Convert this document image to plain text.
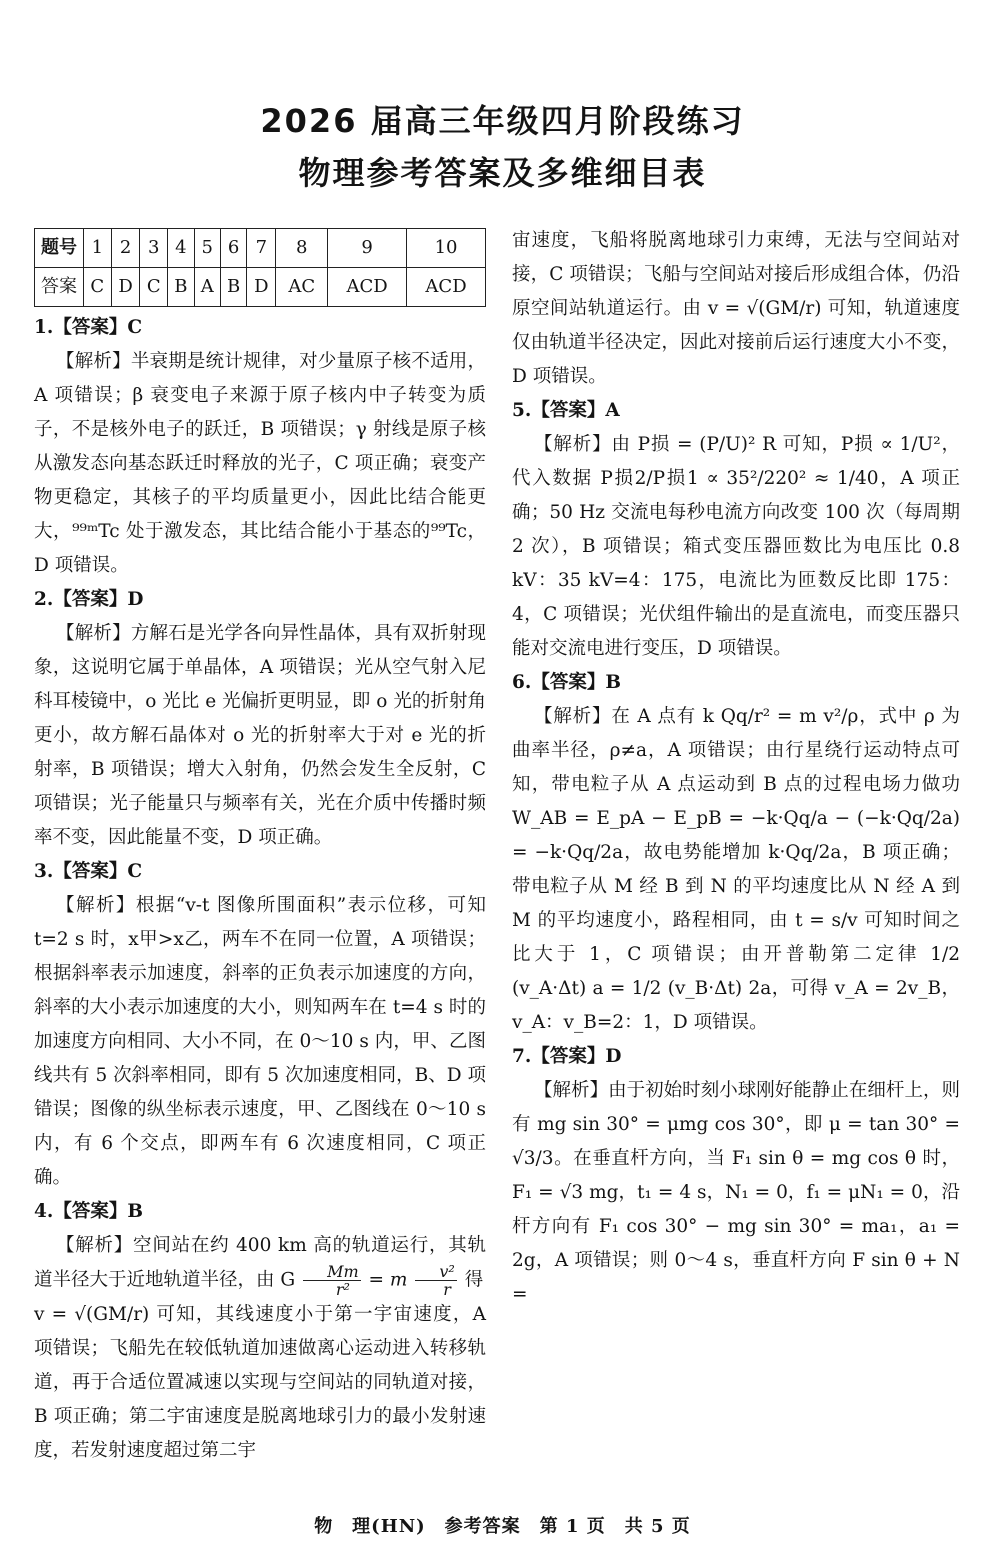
2026 届高三年级四月阶段练习
物理参考答案及多维细目表
题号	1	2	3	4	5	6	7	8	9	10
答案	C	D	C	B	A	B	D	AC	ACD	ACD
1.【答案】C

【解析】半衰期是统计规律，对少量原子核不适用，A 项错误；β 衰变电子来源于原子核内中子转变为质子，不是核外电子的跃迁，B 项错误；γ 射线是原子核从激发态向基态跃迁时释放的光子，C 项正确；衰变产物更稳定，其核子的平均质量更小，因此比结合能更大，⁹⁹ᵐTc 处于激发态，其比结合能小于基态的⁹⁹Tc，D 项错误。

2.【答案】D

【解析】方解石是光学各向异性晶体，具有双折射现象，这说明它属于单晶体，A 项错误；光从空气射入尼科耳棱镜中，o 光比 e 光偏折更明显，即 o 光的折射角更小，故方解石晶体对 o 光的折射率大于对 e 光的折射率，B 项错误；增大入射角，仍然会发生全反射，C 项错误；光子能量只与频率有关，光在介质中传播时频率不变，因此能量不变，D 项正确。

3.【答案】C

【解析】根据“v-t 图像所围面积”表示位移，可知 t=2 s 时，x甲>x乙，两车不在同一位置，A 项错误；根据斜率表示加速度，斜率的正负表示加速度的方向，斜率的大小表示加速度的大小，则知两车在 t=4 s 时的加速度方向相同、大小不同，在 0～10 s 内，甲、乙图线共有 5 次斜率相同，即有 5 次加速度相同，B、D 项错误；图像的纵坐标表示速度，甲、乙图线在 0～10 s 内，有 6 个交点，即两车有 6 次速度相同，C 项正确。

4.【答案】B

【解析】空间站在约 400 km 高的轨道运行，其轨道半径大于近地轨道半径，由 G $\frac{Mm}{\text{r²}} = m \frac{\text{v²}}{r}$ 得

v = √(GM/r) 可知，其线速度小于第一宇宙速度，A 项错误；飞船先在较低轨道加速做离心运动进入转移轨道，再于合适位置减速以实现与空间站的同轨道对接，B 项正确；第二宇宙速度是脱离地球引力的最小发射速度，若发射速度超过第二宇

宙速度，飞船将脱离地球引力束缚，无法与空间站对接，C 项错误；飞船与空间站对接后形成组合体，仍沿原空间站轨道运行。由 v = √(GM/r) 可知，轨道速度仅由轨道半径决定，因此对接前后运行速度大小不变，D 项错误。

5.【答案】A

【解析】由 P损 = (P/U)² R 可知，P损 ∝ 1/U²，代入数据 P损2/P损1 ∝ 35²/220² ≈ 1/40，A 项正确；50 Hz 交流电每秒电流方向改变 100 次（每周期 2 次），B 项错误；箱式变压器匝数比为电压比 0.8 kV：35 kV=4：175，电流比为匝数反比即 175：4，C 项错误；光伏组件输出的是直流电，而变压器只能对交流电进行变压，D 项错误。

6.【答案】B

【解析】在 A 点有 k Qq/r² = m v²/ρ，式中 ρ 为曲率半径，ρ≠a，A 项错误；由行星绕行运动特点可知，带电粒子从 A 点运动到 B 点的过程电场力做功 W_AB = E_pA − E_pB = −k·Qq/a − (−k·Qq/2a) = −k·Qq/2a，故电势能增加 k·Qq/2a，B 项正确；带电粒子从 M 经 B 到 N 的平均速度比从 N 经 A 到 M 的平均速度小，路程相同，由 t = s/v 可知时间之比大于 1，C 项错误；由开普勒第二定律 1/2 (v_A·Δt) a = 1/2 (v_B·Δt) 2a，可得 v_A = 2v_B，v_A：v_B=2：1，D 项错误。

7.【答案】D

【解析】由于初始时刻小球刚好能静止在细杆上，则有 mg sin 30° = μmg cos 30°，即 μ = tan 30° = √3/3。在垂直杆方向，当 F₁ sin θ = mg cos θ 时，F₁ = √3 mg，t₁ = 4 s，N₁ = 0，f₁ = μN₁ = 0，沿杆方向有 F₁ cos 30° − mg sin 30° = ma₁，a₁ = 2g，A 项错误；则 0～4 s，垂直杆方向 F sin θ + N =

物　理(HN)　参考答案　第 1 页　共 5 页
